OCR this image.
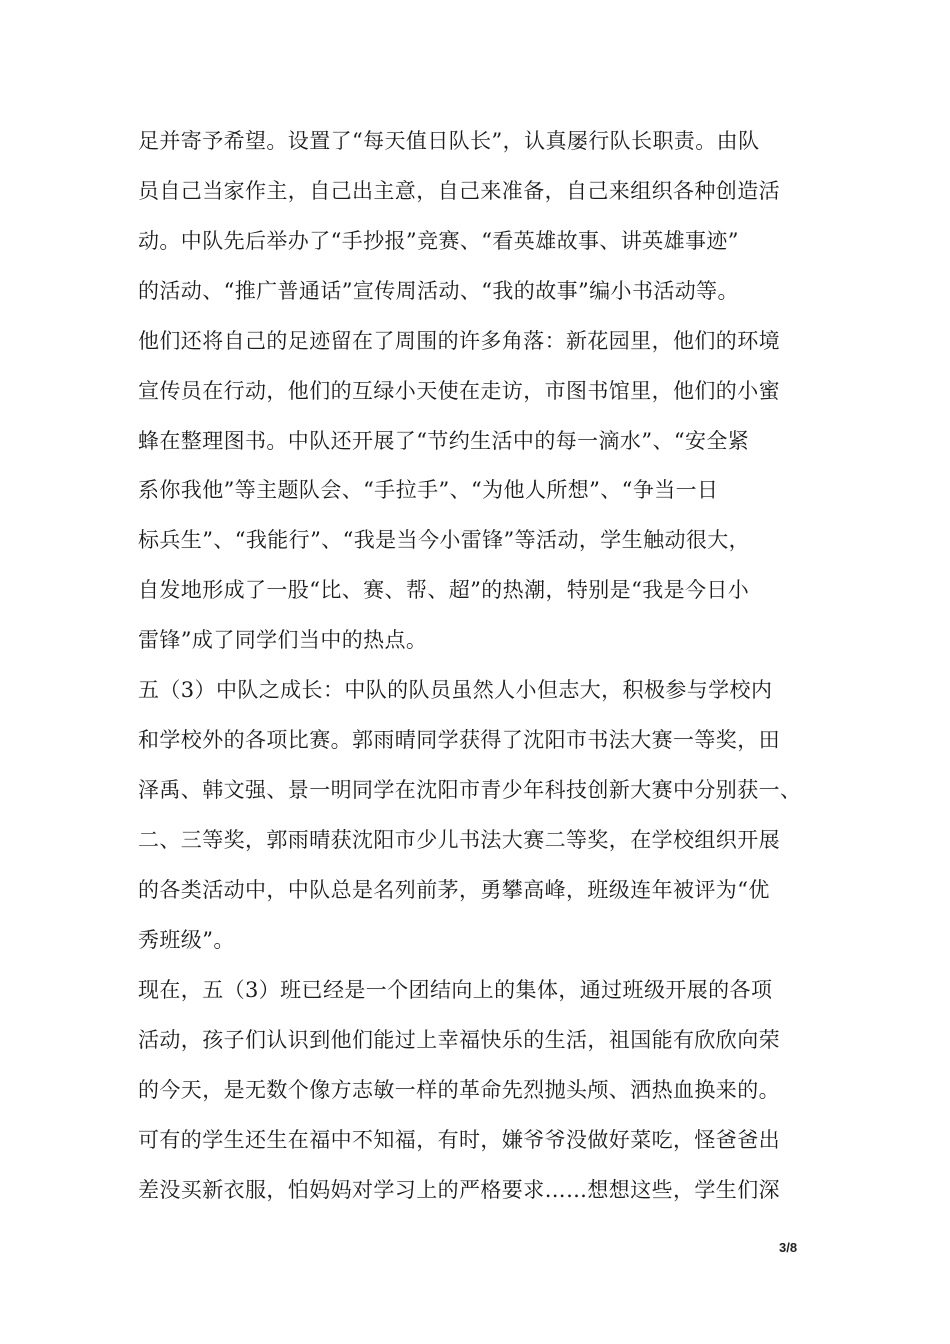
足并寄予希望。设置了“每天值日队长”，认真屡行队长职责。由队
员自己当家作主，自己出主意，自己来准备，自己来组织各种创造活
动。中队先后举办了“手抄报”竞赛、“看英雄故事、讲英雄事迹”
的活动、“推广普通话”宣传周活动、“我的故事”编小书活动等。
他们还将自己的足迹留在了周围的许多角落：新花园里，他们的环境
宣传员在行动，他们的互绿小天使在走访，市图书馆里，他们的小蜜
蜂在整理图书。中队还开展了“节约生活中的每一滴水”、“安全紧
系你我他”等主题队会、“手拉手”、“为他人所想”、“争当一日
标兵生”、“我能行”、“我是当今小雷锋”等活动，学生触动很大，
自发地形成了一股“比、赛、帮、超”的热潮，特别是“我是今日小
雷锋”成了同学们当中的热点。
五（3）中队之成长：中队的队员虽然人小但志大，积极参与学校内
和学校外的各项比赛。郭雨晴同学获得了沈阳市书法大赛一等奖，田
泽禹、韩文强、景一明同学在沈阳市青少年科技创新大赛中分别获一、
二、三等奖，郭雨晴获沈阳市少儿书法大赛二等奖，在学校组织开展
的各类活动中，中队总是名列前茅，勇攀高峰，班级连年被评为“优
秀班级”。
现在，五（3）班已经是一个团结向上的集体，通过班级开展的各项
活动，孩子们认识到他们能过上幸福快乐的生活，祖国能有欣欣向荣
的今天，是无数个像方志敏一样的革命先烈抛头颅、洒热血换来的。
可有的学生还生在福中不知福，有时，嫌爷爷没做好菜吃，怪爸爸出
差没买新衣服，怕妈妈对学习上的严格要求……想想这些，学生们深
3/8
